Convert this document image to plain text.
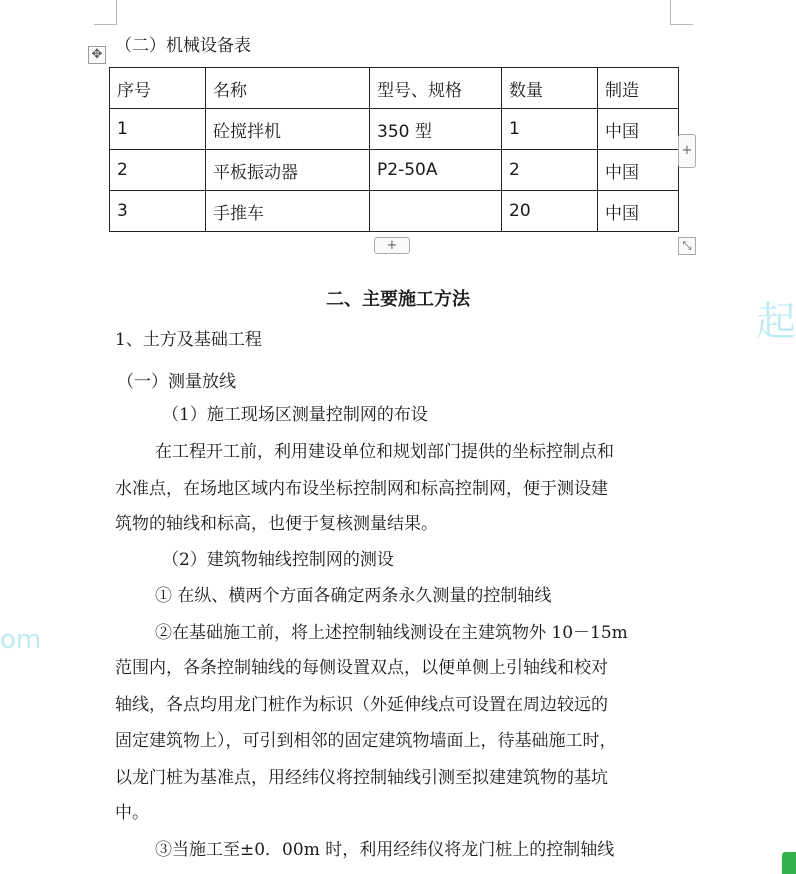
✥ （二）机械设备表
序号	名称	型号、规格	数量	制造
1	砼搅拌机	350 型	1	中国
2	平板振动器	P2-50A	2	中国
3	手推车		20	中国
+
+	⤡
二、主要施工方法
1、土方及基础工程
（一）测量放线
（1）施工现场区测量控制网的布设
在工程开工前，利用建设单位和规划部门提供的坐标控制点和
水准点，在场地区域内布设坐标控制网和标高控制网，便于测设建
筑物的轴线和标高，也便于复核测量结果。
（2）建筑物轴线控制网的测设
① 在纵、横两个方面各确定两条永久测量的控制轴线
②在基础施工前，将上述控制轴线测设在主建筑物外 10－15m
范围内，各条控制轴线的每侧设置双点，以便单侧上引轴线和校对
轴线，各点均用龙门桩作为标识（外延伸线点可设置在周边较远的
固定建筑物上），可引到相邻的固定建筑物墙面上，待基础施工时，
以龙门桩为基准点，用经纬仪将控制轴线引测至拟建建筑物的基坑
中。
③当施工至±0．00m 时，利用经纬仪将龙门桩上的控制轴线
起
om
